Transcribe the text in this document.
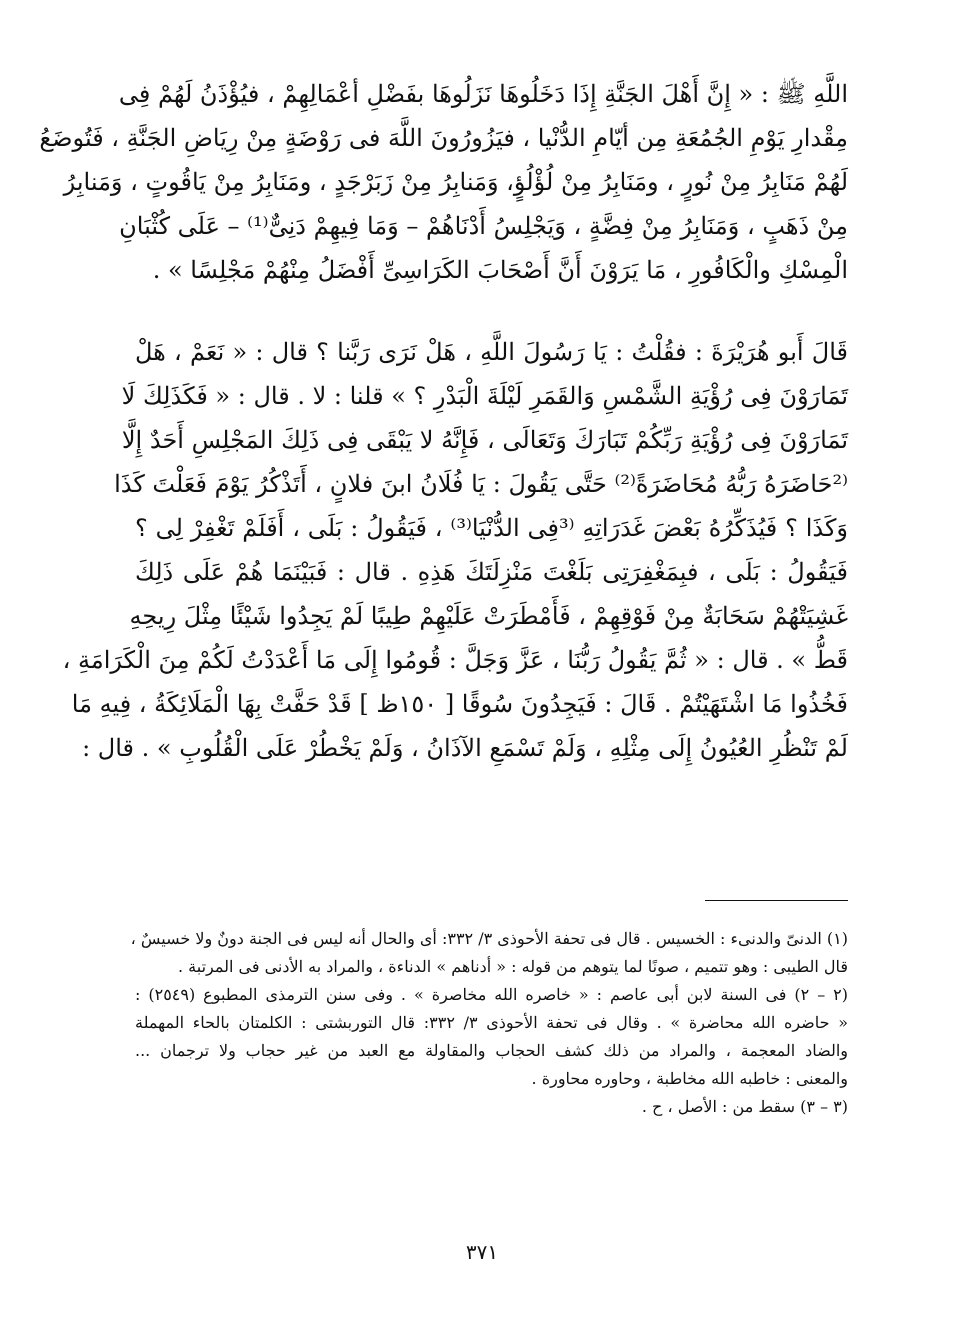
اللَّهِ ﷺ : « إِنَّ أَهْلَ الجَنَّةِ إِذَا دَخَلُوهَا نَزَلُوهَا بفَضْلِ أعْمَالِهِمْ ، فيُؤْذَنُ لَهُمْ فِى
مِقْدارِ يَوْمِ الجُمُعَةِ مِن أيّامِ الدُّنْيا ، فيَزُورُونَ اللَّهَ فى رَوْضَةٍ مِنْ رِيَاضِ الجَنَّةِ ، فَتُوضَعُ
لَهُمْ مَنَابِرُ مِنْ نُورٍ ، ومَنَابِرُ مِنْ لُؤْلُؤٍ، وَمَنابِرُ مِنْ زَبَرْجَدٍ ، ومَنَابِرُ مِنْ يَاقُوتٍ ، وَمَنابِرُ
مِنْ ذَهَبٍ ، وَمَنَابِرُ مِنْ فِضَّةٍ ، وَيَجْلِسُ أَدْنَاهُمْ – وَمَا فِيهِمْ دَنِىٌّ⁽¹⁾ – عَلَى كُثْبَانِ
الْمِسْكِ والْكَافُورِ ، مَا يَرَوْنَ أَنَّ أَصْحَابَ الكَرَاسِىِّ أَفْضَلُ مِنْهُمْ مَجْلِسًا » .
قَالَ أَبو هُرَيْرَةَ : فقُلْتُ : يَا رَسُولَ اللَّهِ ، هَلْ نَرَى رَبَّنا ؟ قال : « نَعَمْ ، هَلْ
تَمَارَوْنَ فِى رُؤْيَةِ الشَّمْسِ وَالقَمَرِ لَيْلَةَ الْبَدْرِ ؟ » قلنا : لا . قال : « فَكَذَلِكَ لَا
تَمَارَوْنَ فِى رُؤْيَةِ رَبِّكُمْ تَبَارَكَ وَتَعَالَى ، فَإِنَّهُ لا يَبْقَى فِى ذَلِكَ المَجْلِسِ أَحَدٌ إِلَّا
⁽²حَاضَرَهُ رَبُّهُ مُحَاضَرَةً⁽²⁾ حَتَّى يَقُولَ : يَا فُلَانُ ابنَ فلانٍ ، أَتَذْكُرُ يَوْمَ فَعَلْتَ كَذَا
وَكَذَا ؟ فَيُذَكِّرُهُ بَعْضَ غَدَرَاتِهِ ⁽³فِى الدُّنْيَا⁽³⁾ ، فَيَقُولُ : بَلَى ، أَفَلَمْ تَغْفِرْ لِى ؟
فَيَقُولُ : بَلَى ، فبِمَغْفِرَتِى بَلَغْتَ مَنْزِلَتَكَ هَذِهِ . قال : فَبَيْنَمَا هُمْ عَلَى ذَلِكَ
غَشِيَتْهُمْ سَحَابَةٌ مِنْ فَوْقِهِمْ ، فَأَمْطَرَتْ عَلَيْهِمْ طِيبًا لَمْ يَجِدُوا شَيْئًا مِثْلَ رِيحِهِ
قَطُّ » . قال : « ثُمَّ يَقُولُ رَبُّنَا ، عَزَّ وَجَلَّ : قُومُوا إِلَى مَا أَعْدَدْتُ لَكُمْ مِنَ الْكَرَامَةِ ،
فَخُذُوا مَا اشْتَهَيْتُمْ . قَالَ : فَيَجِدُونَ سُوقًا [ ١٥٠ظ ] قَدْ حَفَّتْ بِهَا الْمَلَائِكَةُ ، فِيهِ مَا
لَمْ تَنْظُرِ العُيُونُ إِلَى مِثْلِهِ ، وَلَمْ تَسْمَعِ الآذَانُ ، وَلَمْ يَخْطُرْ عَلَى الْقُلُوبِ » . قال :
(١) الدنىّ والدنىء : الخسيس . قال فى تحفة الأحوذى ٣/ ٣٣٢: أى والحال أنه ليس فى الجنة دونٌ ولا خسيسٌ ،
قال الطيبى : وهو تتميم ، صونًا لما يتوهم من قوله : « أدناهم » الدناءة ، والمراد به الأدنى فى المرتبة .
(٢ – ٢) فى السنة لابن أبى عاصم : « خاصره الله مخاصرة » . وفى سنن الترمذى المطبوع (٢٥٤٩) :
« حاضره الله محاضرة » . وقال فى تحفة الأحوذى ٣/ ٣٣٢: قال التوربشتى : الكلمتان بالحاء المهملة
والضاد المعجمة ، والمراد من ذلك كشف الحجاب والمقاولة مع العبد من غير حجاب ولا ترجمان ...
والمعنى : خاطبه الله مخاطبة ، وحاوره محاورة .
(٣ – ٣) سقط من : الأصل ، ح .
٣٧١
